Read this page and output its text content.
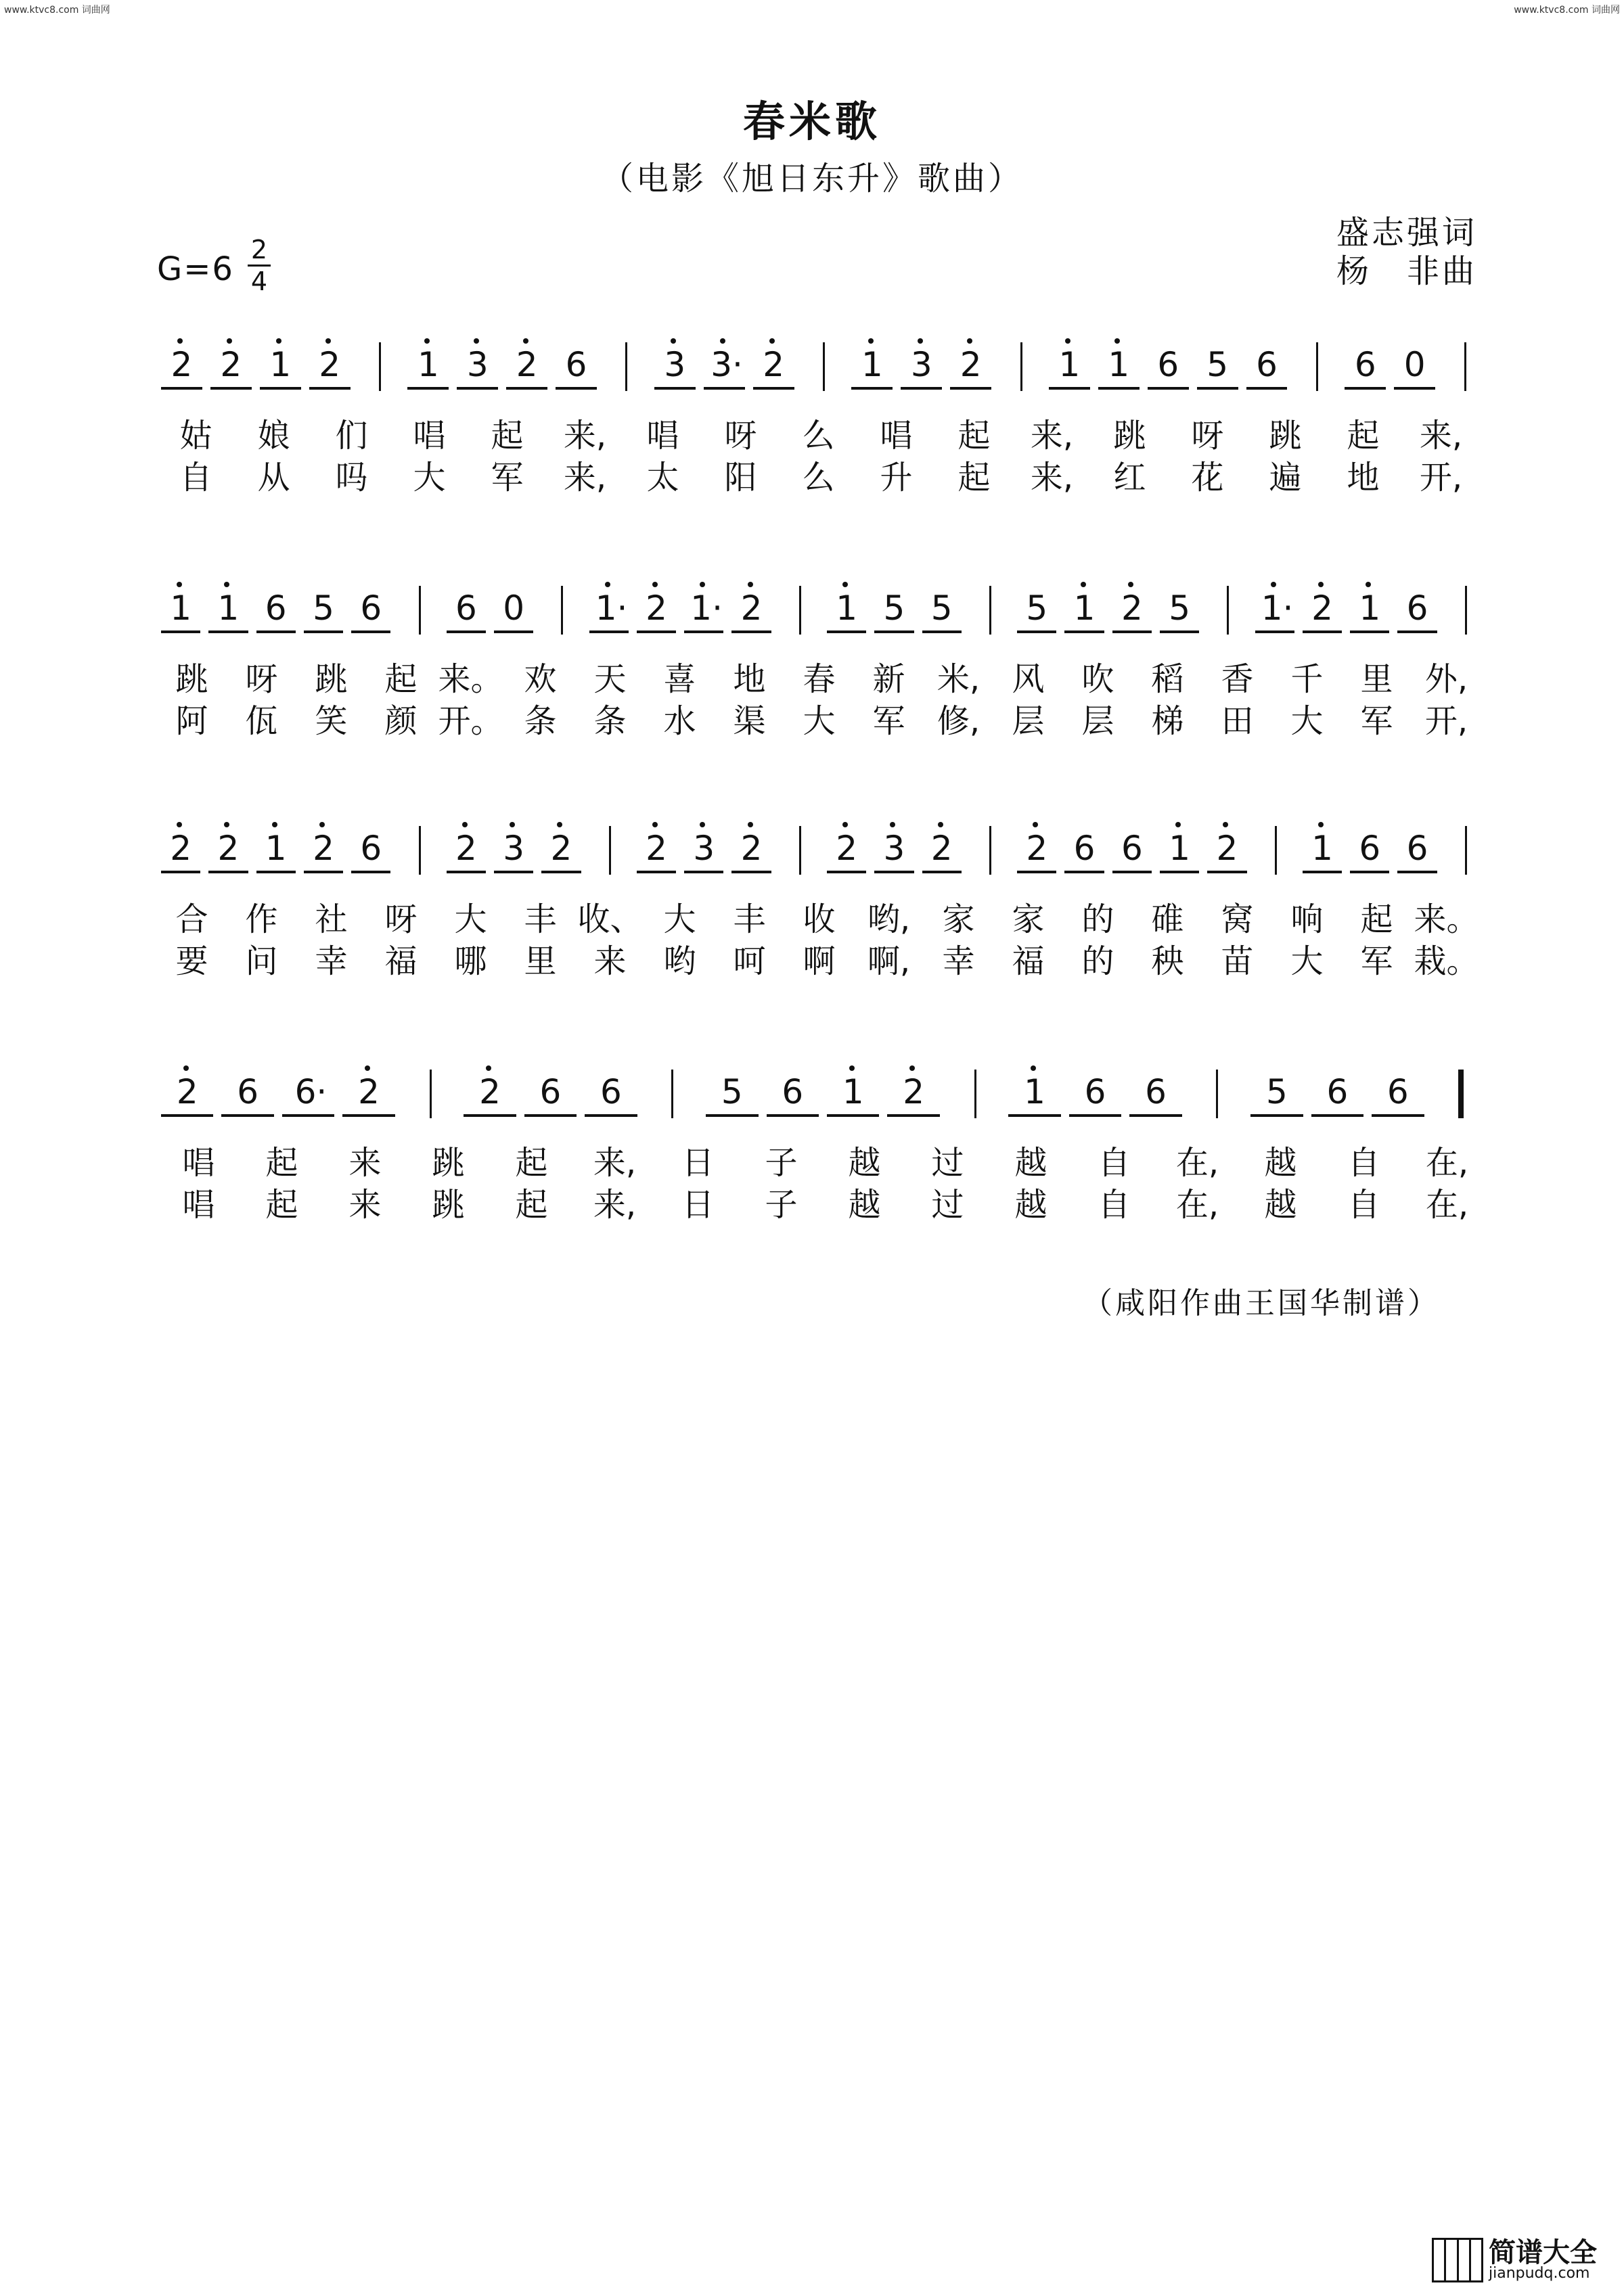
www.ktvc8.com 词曲网	www.ktvc8.com 词曲网
春米歌
（电影《旭日东升》歌曲）
盛志强词
杨　非曲
G=6
2
4
2 2 1 2 1 3 2 6 3 3· 2 1 3 2 1 1 6 5 6 6 0
姑 娘 们 唱 起 来, 唱 呀 么 唱 起 来, 跳 呀 跳 起 来,
自 从 吗 大 军 来, 太 阳 么 升 起 来, 红 花 遍 地 开,
1 1 6 5 6 6 0 1· 2 1· 2 1 5 5 5 1 2 5 1· 2 1 6
跳 呀 跳 起 来。 欢 天 喜 地 春 新 米, 风 吹 稻 香 千 里 外,
阿 佤 笑 颜 开。 条 条 水 渠 大 军 修, 层 层 梯 田 大 军 开,
2 2 1 2 6 2 3 2 2 3 2 2 3 2 2 6 6 1 2 1 6 6
合 作 社 呀 大 丰 收、 大 丰 收 哟, 家 家 的 碓 窝 响 起 来。
要 问 幸 福 哪 里 来 哟 呵 啊 啊, 幸 福 的 秧 苗 大 军 栽。
2 6 6· 2	2 6 6	5 6 1 2	1 6 6	5 6 6
唱 起 来 跳 起 来, 日 子 越 过 越 自 在, 越 自 在,
唱 起 来 跳 起 来, 日 子 越 过 越 自 在, 越 自 在,
（咸阳作曲王国华制谱）
简谱大全
jianpudq.com
